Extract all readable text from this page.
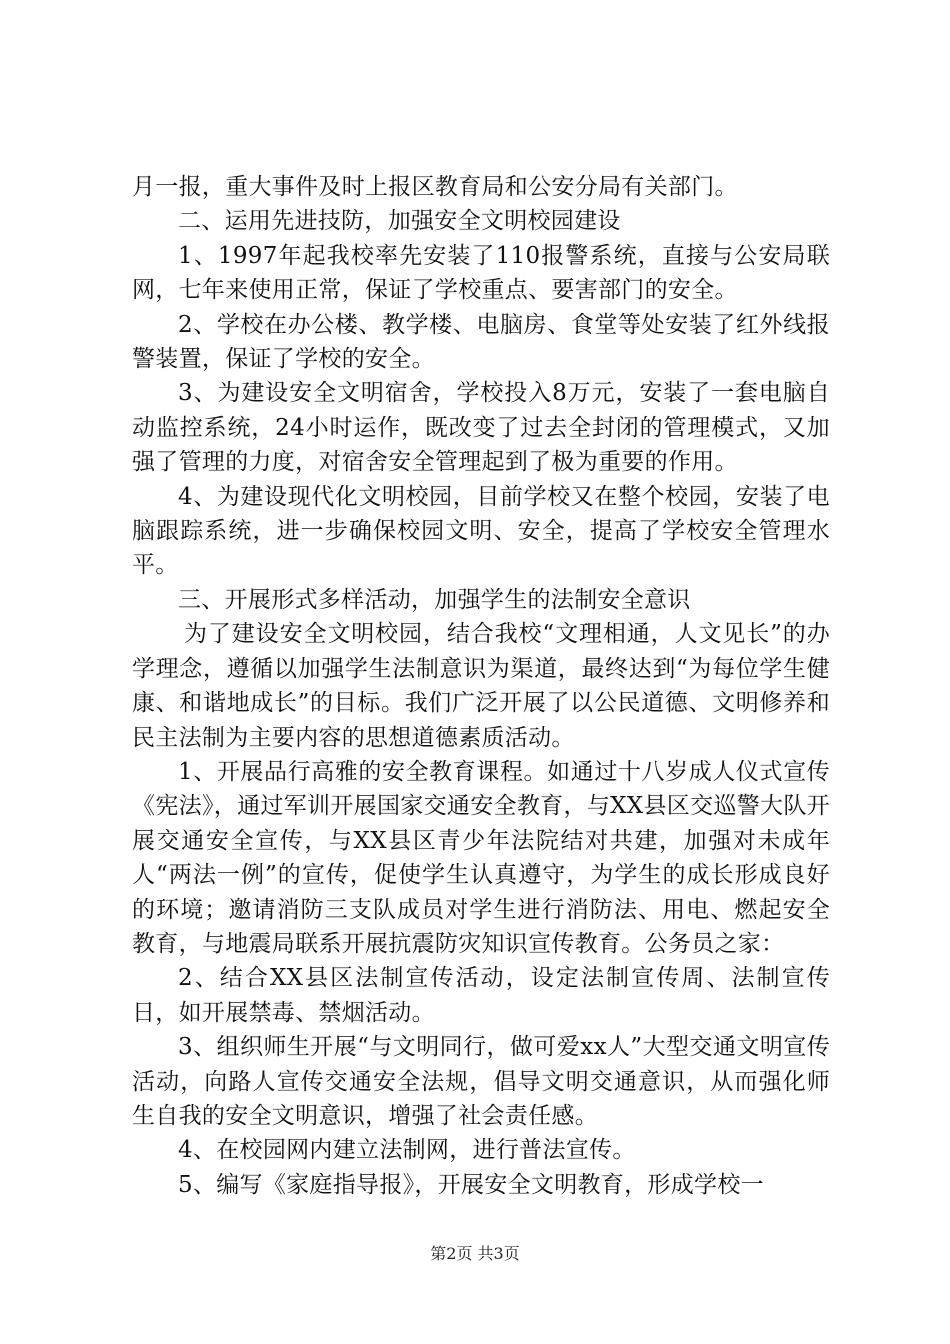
月一报，重大事件及时上报区教育局和公安分局有关部门。

二、运用先进技防，加强安全文明校园建设

1、1997年起我校率先安装了110报警系统，直接与公安局联网，七年来使用正常，保证了学校重点、要害部门的安全。

2、学校在办公楼、教学楼、电脑房、食堂等处安装了红外线报警装置，保证了学校的安全。

3、为建设安全文明宿舍，学校投入8万元，安装了一套电脑自动监控系统，24小时运作，既改变了过去全封闭的管理模式，又加强了管理的力度，对宿舍安全管理起到了极为重要的作用。

4、为建设现代化文明校园，目前学校又在整个校园，安装了电脑跟踪系统，进一步确保校园文明、安全，提高了学校安全管理水平。

三、开展形式多样活动，加强学生的法制安全意识

为了建设安全文明校园，结合我校“文理相通，人文见长”的办学理念，遵循以加强学生法制意识为渠道，最终达到“为每位学生健康、和谐地成长”的目标。我们广泛开展了以公民道德、文明修养和民主法制为主要内容的思想道德素质活动。

1、开展品行高雅的安全教育课程。如通过十八岁成人仪式宣传《宪法》，通过军训开展国家交通安全教育，与XX县区交巡警大队开展交通安全宣传，与XX县区青少年法院结对共建，加强对未成年人“两法一例”的宣传，促使学生认真遵守，为学生的成长形成良好的环境；邀请消防三支队成员对学生进行消防法、用电、燃起安全教育，与地震局联系开展抗震防灾知识宣传教育。公务员之家：

2、结合XX县区法制宣传活动，设定法制宣传周、法制宣传日，如开展禁毒、禁烟活动。

3、组织师生开展“与文明同行，做可爱xx人”大型交通文明宣传活动，向路人宣传交通安全法规，倡导文明交通意识，从而强化师生自我的安全文明意识，增强了社会责任感。

4、在校园网内建立法制网，进行普法宣传。

5、编写《家庭指导报》，开展安全文明教育，形成学校一

第2页 共3页
